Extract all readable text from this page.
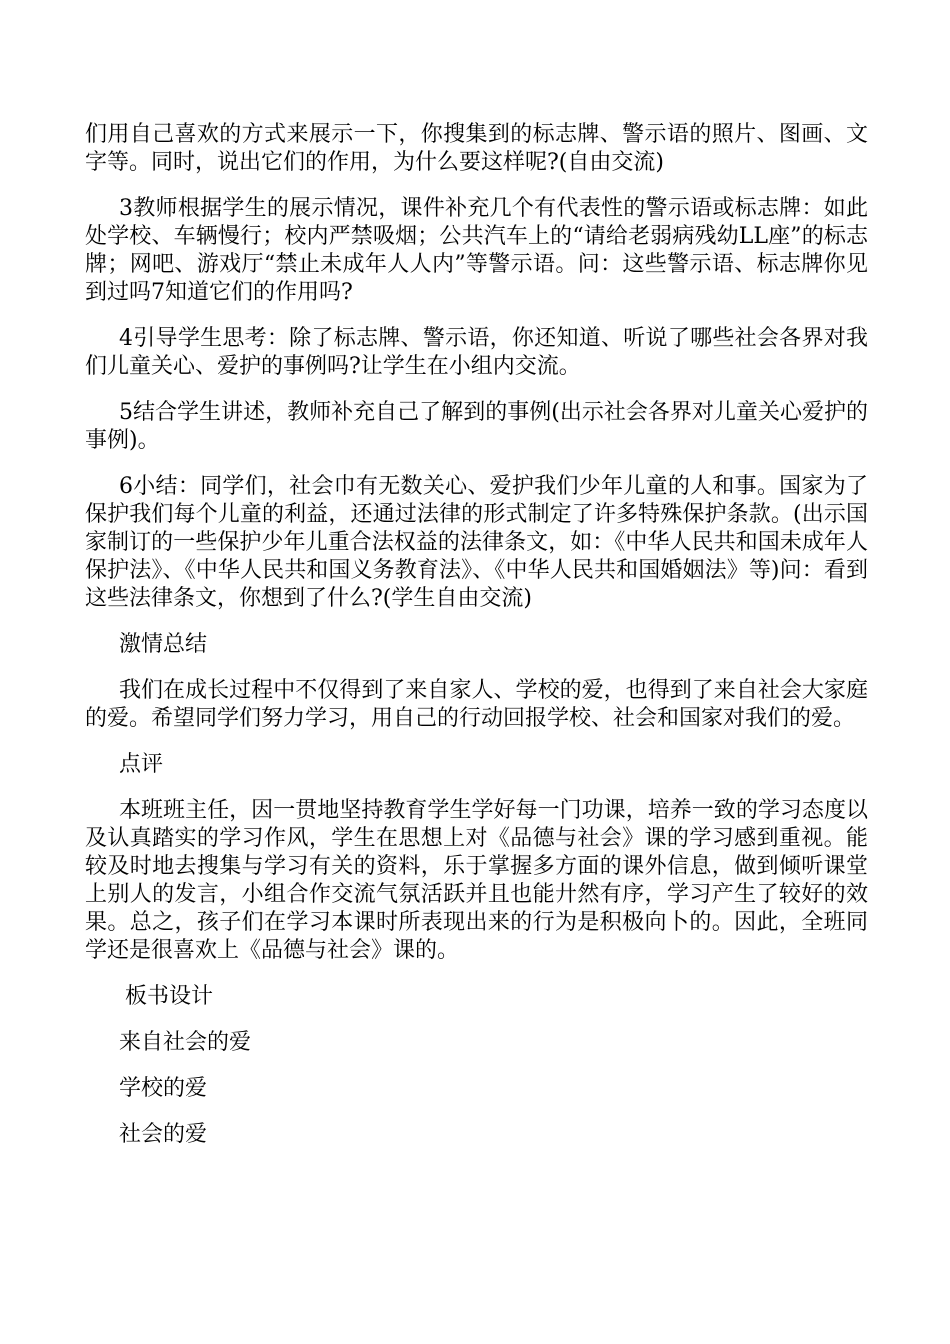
们用自己喜欢的方式来展示一下，你搜集到的标志牌、警示语的照片、图画、文字等。同时，说出它们的作用，为什么要这样呢?(自由交流)

3教师根据学生的展示情况，课件补充几个有代表性的警示语或标志牌：如此处学校、车辆慢行；校内严禁吸烟；公共汽车上的“请给老弱病残幼LL座”的标志牌；网吧、游戏厅“禁止未成年人人内”等警示语。问：这些警示语、标志牌你见到过吗7知道它们的作用吗?

4引导学生思考：除了标志牌、警示语，你还知道、听说了哪些社会各界对我们儿童关心、爱护的事例吗?让学生在小组内交流。

5结合学生讲述，教师补充自己了解到的事例(出示社会各界对儿童关心爱护的事例)。

6小结：同学们，社会巾有无数关心、爱护我们少年儿童的人和事。国家为了保护我们每个儿童的利益，还通过法律的形式制定了许多特殊保护条款。(出示国家制订的一些保护少年儿重合法权益的法律条文，如：《中华人民共和国未成年人保护法》、《中华人民共和国义务教育法》、《中华人民共和国婚姻法》等)问：看到这些法律条文，你想到了什么?(学生自由交流)

激情总结

我们在成长过程中不仅得到了来自家人、学校的爱，也得到了来自社会大家庭的爱。希望同学们努力学习，用自己的行动回报学校、社会和国家对我们的爱。

点评

本班班主任，因一贯地坚持教育学生学好每一门功课，培养一致的学习态度以及认真踏实的学习作风，学生在思想上对《品德与社会》课的学习感到重视。能较及时地去搜集与学习有关的资料，乐于掌握多方面的课外信息，做到倾听课堂上别人的发言，小组合作交流气氛活跃并且也能廾然有序，学习产生了较好的效果。总之，孩子们在学习本课时所表现出来的行为是积极向卜的。因此，全班同学还是很喜欢上《品德与社会》课的。

板书设计

来自社会的爱

学校的爱

社会的爱
